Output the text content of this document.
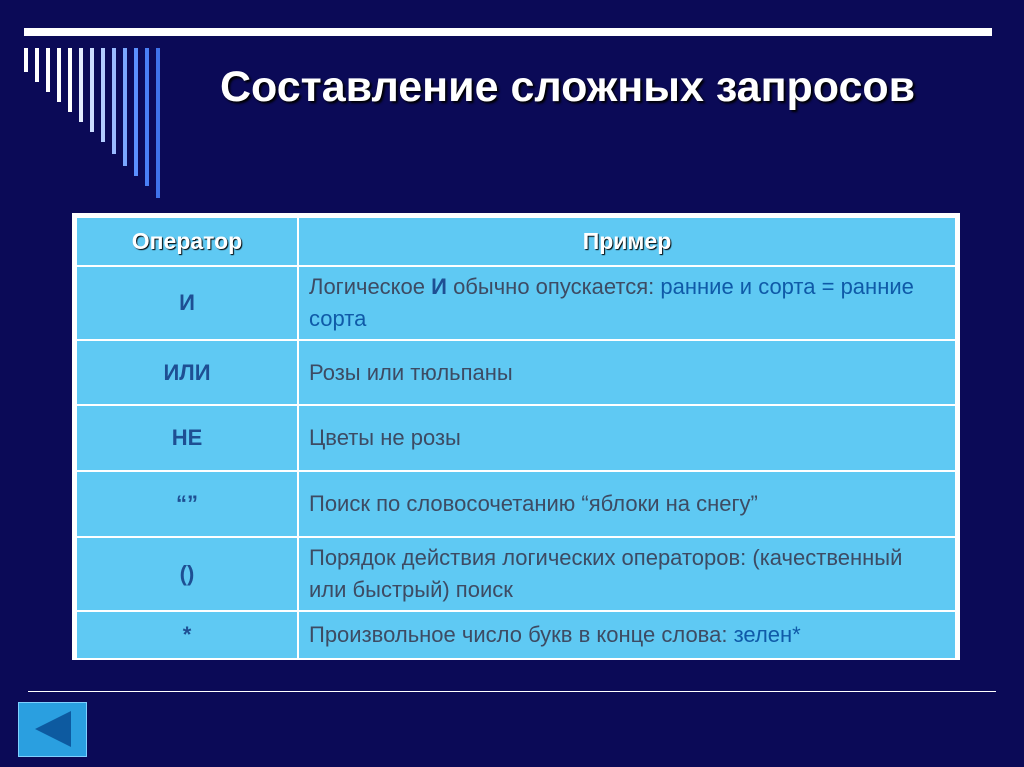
Составление сложных запросов
Оператор	Пример
И	Логическое И обычно опускается: ранние и сорта = ранние сорта
ИЛИ	Розы или тюльпаны
НЕ	Цветы не розы
“”	Поиск по словосочетанию “яблоки на снегу”
()	Порядок действия логических операторов: (качественный или быстрый) поиск
*	Произвольное число букв в конце слова: зелен*
